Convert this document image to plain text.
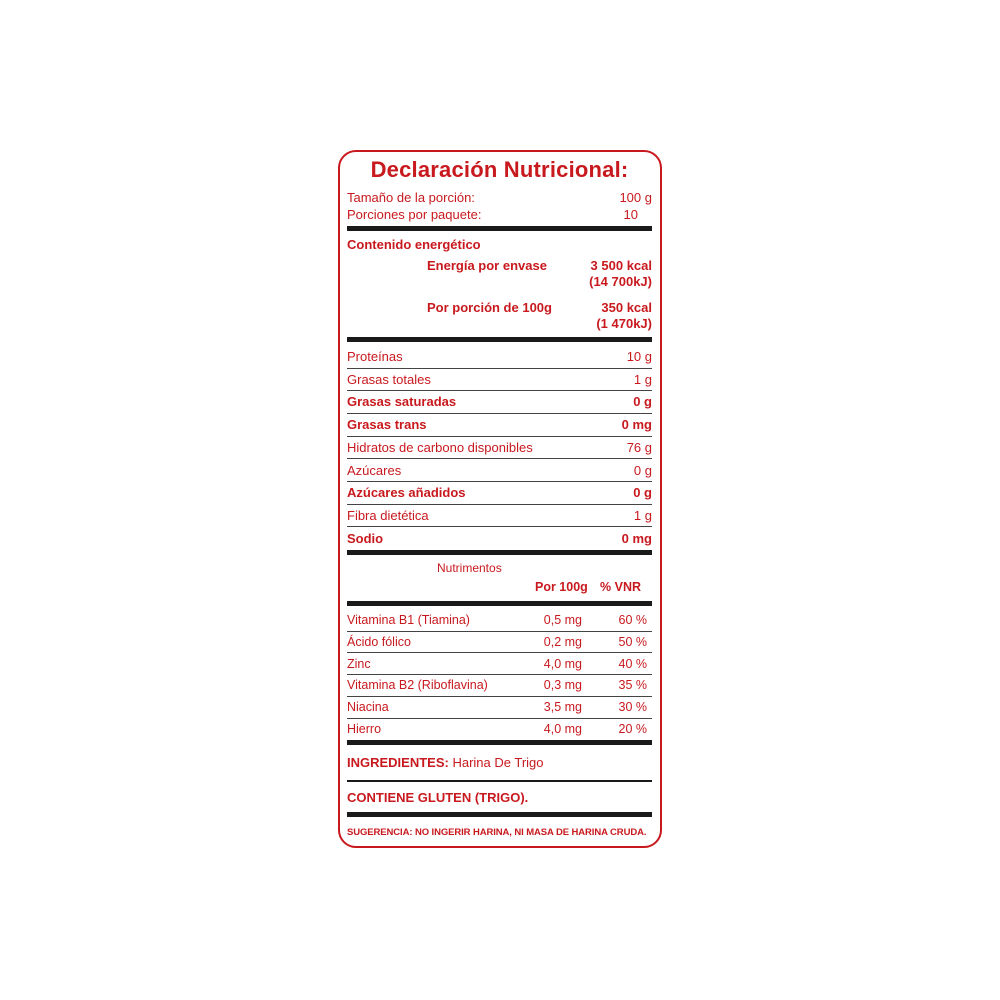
Declaración Nutricional:
Tamaño de la porción:	100 g
Porciones por paquete:	10
Contenido energético
Energía por envase	3 500 kcal
(14 700kJ)
Por porción de 100g	350 kcal
(1 470kJ)
Proteínas	10 g
Grasas totales	1 g
Grasas saturadas	0 g
Grasas trans	0 mg
Hidratos de carbono disponibles	76 g
Azúcares	0 g
Azúcares añadidos	0 g
Fibra dietética	1 g
Sodio	0 mg
Nutrimentos
Por 100g % VNR
Vitamina B1 (Tiamina)	0,5 mg	60 %
Ácido fólico	0,2 mg	50 %
Zinc	4,0 mg	40 %
Vitamina B2 (Riboflavina)	0,3 mg	35 %
Niacina	3,5 mg	30 %
Hierro	4,0 mg	20 %
INGREDIENTES: Harina De Trigo
CONTIENE GLUTEN (TRIGO).
SUGERENCIA: NO INGERIR HARINA, NI MASA DE HARINA CRUDA.
